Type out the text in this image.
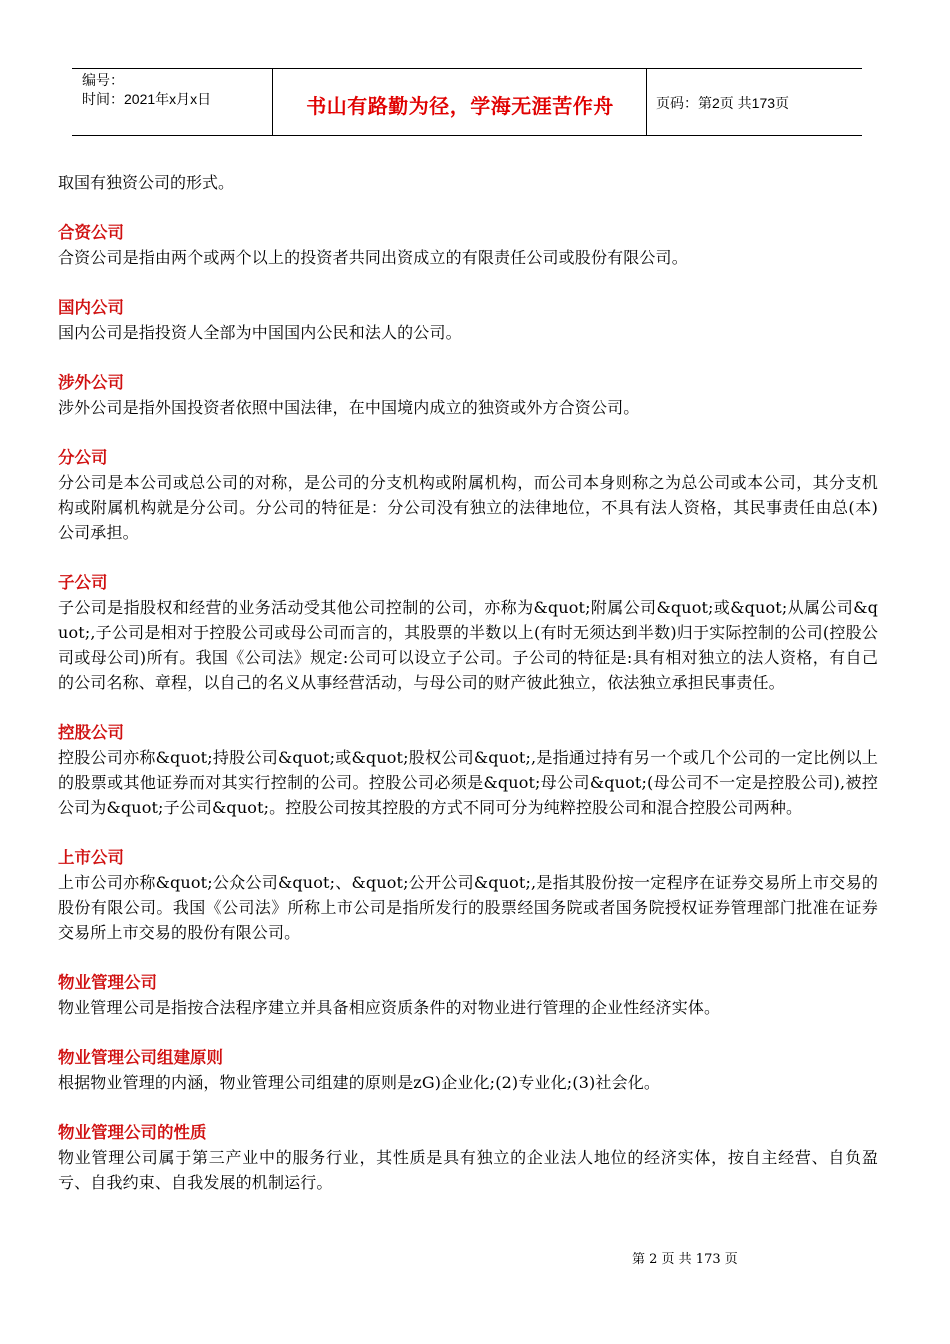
编号：
时间：2021年x月x日	书山有路勤为径，学海无涯苦作舟	页码：第2页 共173页

取国有独资公司的形式。

合资公司

合资公司是指由两个或两个以上的投资者共同出资成立的有限责任公司或股份有限公司。

国内公司

国内公司是指投资人全部为中国国内公民和法人的公司。

涉外公司

涉外公司是指外国投资者依照中国法律，在中国境内成立的独资或外方合资公司。

分公司

分公司是本公司或总公司的对称，是公司的分支机构或附属机构，而公司本身则称之为总公司或本公司，其分支机构或附属机构就是分公司。分公司的特征是：分公司没有独立的法律地位，不具有法人资格，其民事责任由总(本)公司承担。

子公司

子公司是指股权和经营的业务活动受其他公司控制的公司，亦称为&quot;附属公司&quot;或&quot;从属公司&quot;,子公司是相对于控股公司或母公司而言的，其股票的半数以上(有时无须达到半数)归于实际控制的公司(控股公司或母公司)所有。我国《公司法》规定:公司可以设立子公司。子公司的特征是:具有相对独立的法人资格，有自己的公司名称、章程，以自己的名义从事经营活动，与母公司的财产彼此独立，依法独立承担民事责任。

控股公司

控股公司亦称&quot;持股公司&quot;或&quot;股权公司&quot;,是指通过持有另一个或几个公司的一定比例以上的股票或其他证券而对其实行控制的公司。控股公司必须是&quot;母公司&quot;(母公司不一定是控股公司),被控公司为&quot;子公司&quot;。控股公司按其控股的方式不同可分为纯粹控股公司和混合控股公司两种。

上市公司

上市公司亦称&quot;公众公司&quot;、&quot;公开公司&quot;,是指其股份按一定程序在证券交易所上市交易的股份有限公司。我国《公司法》所称上市公司是指所发行的股票经国务院或者国务院授权证券管理部门批准在证券交易所上市交易的股份有限公司。

物业管理公司

物业管理公司是指按合法程序建立并具备相应资质条件的对物业进行管理的企业性经济实体。

物业管理公司组建原则

根据物业管理的内涵，物业管理公司组建的原则是zG)企业化;(2)专业化;(3)社会化。

物业管理公司的性质

物业管理公司属于第三产业中的服务行业，其性质是具有独立的企业法人地位的经济实体，按自主经营、自负盈亏、自我约束、自我发展的机制运行。

第 2 页 共 173 页
